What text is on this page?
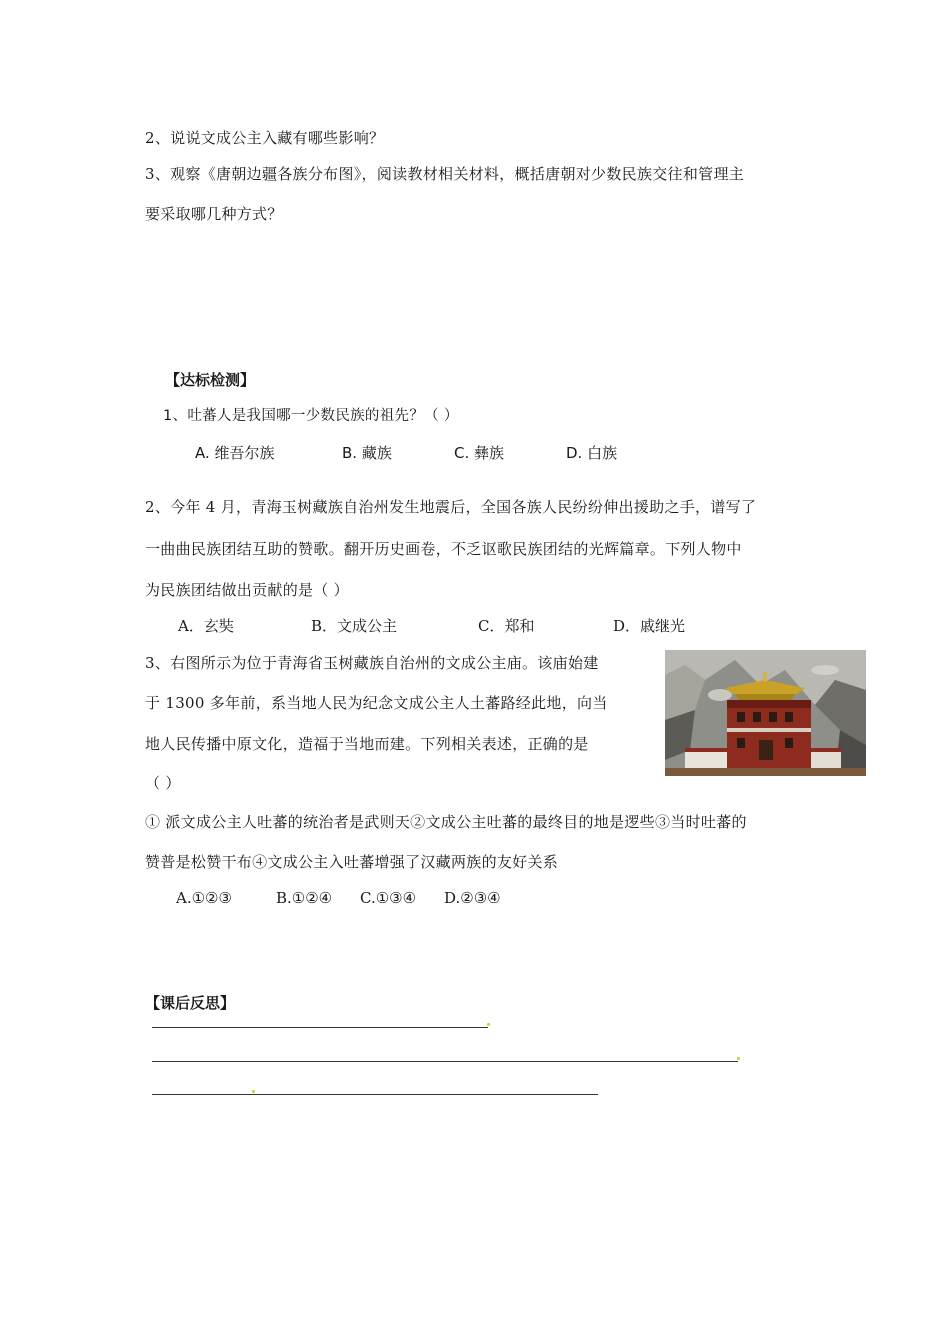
2、说说文成公主入藏有哪些影响？
3、观察《唐朝边疆各族分布图》，阅读教材相关材料，概括唐朝对少数民族交往和管理主
要采取哪几种方式？
【达标检测】
1、吐蕃人是我国哪一少数民族的祖先？（ ）
A. 维吾尔族	B. 藏族	C. 彝族	D. 白族
2、今年 4 月，青海玉树藏族自治州发生地震后，全国各族人民纷纷伸出援助之手，谱写了
一曲曲民族团结互助的赞歌。翻开历史画卷，不乏讴歌民族团结的光辉篇章。下列人物中
为民族团结做出贡献的是（ ）
A．玄奘	B．文成公主	C．郑和	D．戚继光
3、右图所示为位于青海省玉树藏族自治州的文成公主庙。该庙始建
于 1300 多年前，系当地人民为纪念文成公主人土蕃路经此地，向当
地人民传播中原文化，造福于当地而建。下列相关表述，正确的是
（ ）
① 派文成公主人吐蕃的统治者是武则天②文成公主吐蕃的最终目的地是逻些③当时吐蕃的
赞普是松赞干布④文成公主入吐蕃增强了汉藏两族的友好关系
A.①②③	B.①②④ C.①③④ D.②③④
【课后反思】
